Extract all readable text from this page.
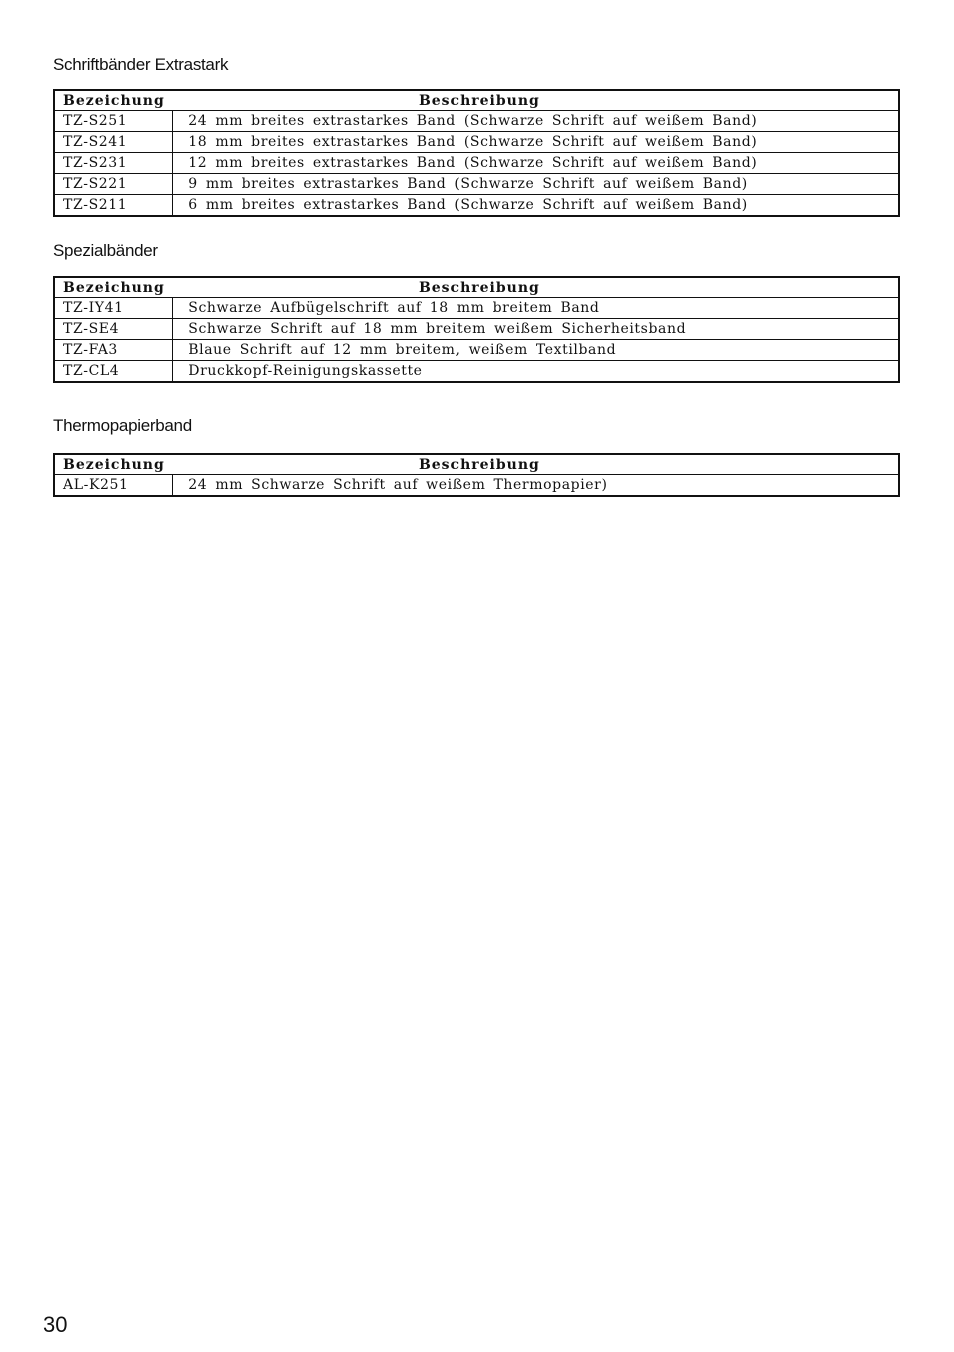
Schriftbänder Extrastark
Bezeichung	Beschreibung
TZ-S251	24 mm breites extrastarkes Band (Schwarze Schrift auf weißem Band)
TZ-S241	18 mm breites extrastarkes Band (Schwarze Schrift auf weißem Band)
TZ-S231	12 mm breites extrastarkes Band (Schwarze Schrift auf weißem Band)
TZ-S221	9 mm breites extrastarkes Band (Schwarze Schrift auf weißem Band)
TZ-S211	6 mm breites extrastarkes Band (Schwarze Schrift auf weißem Band)
Spezialbänder
Bezeichung	Beschreibung
TZ-IY41	Schwarze Aufbügelschrift auf 18 mm breitem Band
TZ-SE4	Schwarze Schrift auf 18 mm breitem weißem Sicherheitsband
TZ-FA3	Blaue Schrift auf 12 mm breitem, weißem Textilband
TZ-CL4	Druckkopf-Reinigungskassette
Thermopapierband
Bezeichung	Beschreibung
AL-K251	24 mm Schwarze Schrift auf weißem Thermopapier)
30
